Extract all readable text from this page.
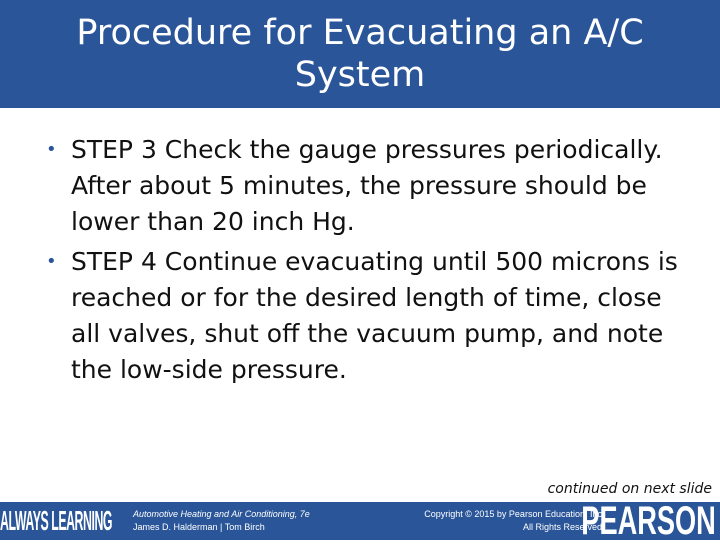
Procedure for Evacuating an A/C System
• STEP 3 Check the gauge pressures periodically. After about 5 minutes, the pressure should be lower than 20 inch Hg.
• STEP 4 Continue evacuating until 500 microns is reached or for the desired length of time, close all valves, shut off the vacuum pump, and note the low-side pressure.
continued on next slide
ALWAYS LEARNING Automotive Heating and Air Conditioning, 7e
James D. Halderman | Tom Birch
Copyright © 2015 by Pearson Education, Inc
All Rights Reserved
PEARSON
